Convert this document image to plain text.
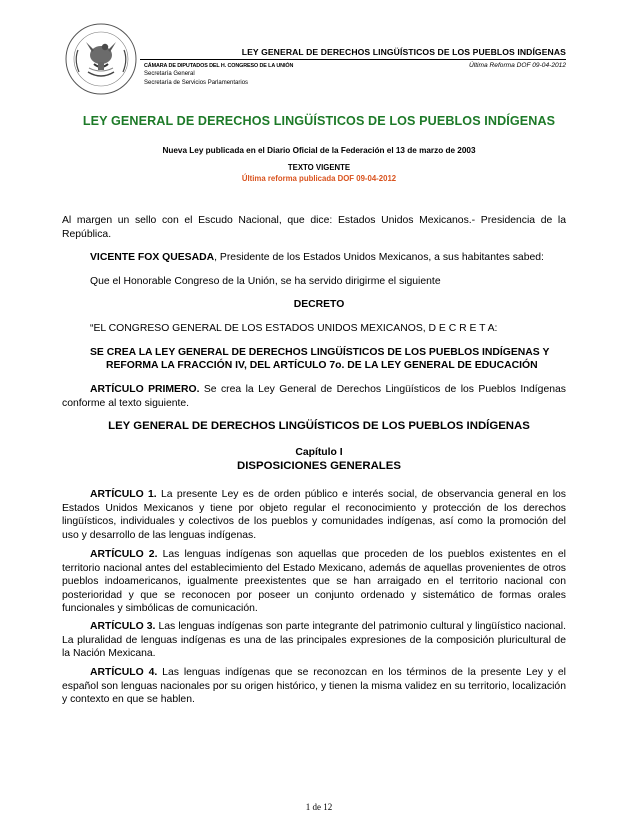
LEY GENERAL DE DERECHOS LINGÜÍSTICOS DE LOS PUEBLOS INDÍGENAS
CÁMARA DE DIPUTADOS DEL H. CONGRESO DE LA UNIÓN
Secretaría General
Secretaría de Servicios Parlamentarios
Última Reforma DOF 09-04-2012
LEY GENERAL DE DERECHOS LINGÜÍSTICOS DE LOS PUEBLOS INDÍGENAS
Nueva Ley publicada en el Diario Oficial de la Federación el 13 de marzo de 2003
TEXTO VIGENTE
Última reforma publicada DOF 09-04-2012
Al margen un sello con el Escudo Nacional, que dice: Estados Unidos Mexicanos.- Presidencia de la República.
VICENTE FOX QUESADA, Presidente de los Estados Unidos Mexicanos, a sus habitantes sabed:
Que el Honorable Congreso de la Unión, se ha servido dirigirme el siguiente
DECRETO
“EL CONGRESO GENERAL DE LOS ESTADOS UNIDOS MEXICANOS, D E C R E T A:
SE CREA LA LEY GENERAL DE DERECHOS LINGÜÍSTICOS DE LOS PUEBLOS INDÍGENAS Y
REFORMA LA FRACCIÓN IV, DEL ARTÍCULO 7o. DE LA LEY GENERAL DE EDUCACIÓN
ARTÍCULO PRIMERO. Se crea la Ley General de Derechos Lingüísticos de los Pueblos Indígenas conforme al texto siguiente.
LEY GENERAL DE DERECHOS LINGÜÍSTICOS DE LOS PUEBLOS INDÍGENAS
Capítulo I
DISPOSICIONES GENERALES
ARTÍCULO 1. La presente Ley es de orden público e interés social, de observancia general en los Estados Unidos Mexicanos y tiene por objeto regular el reconocimiento y protección de los derechos lingüísticos, individuales y colectivos de los pueblos y comunidades indígenas, así como la promoción del uso y desarrollo de las lenguas indígenas.
ARTÍCULO 2. Las lenguas indígenas son aquellas que proceden de los pueblos existentes en el territorio nacional antes del establecimiento del Estado Mexicano, además de aquellas provenientes de otros pueblos indoamericanos, igualmente preexistentes que se han arraigado en el territorio nacional con posterioridad y que se reconocen por poseer un conjunto ordenado y sistemático de formas orales funcionales y simbólicas de comunicación.
ARTÍCULO 3. Las lenguas indígenas son parte integrante del patrimonio cultural y lingüístico nacional. La pluralidad de lenguas indígenas es una de las principales expresiones de la composición pluricultural de la Nación Mexicana.
ARTÍCULO 4. Las lenguas indígenas que se reconozcan en los términos de la presente Ley y el español son lenguas nacionales por su origen histórico, y tienen la misma validez en su territorio, localización y contexto en que se hablen.
1 de 12
